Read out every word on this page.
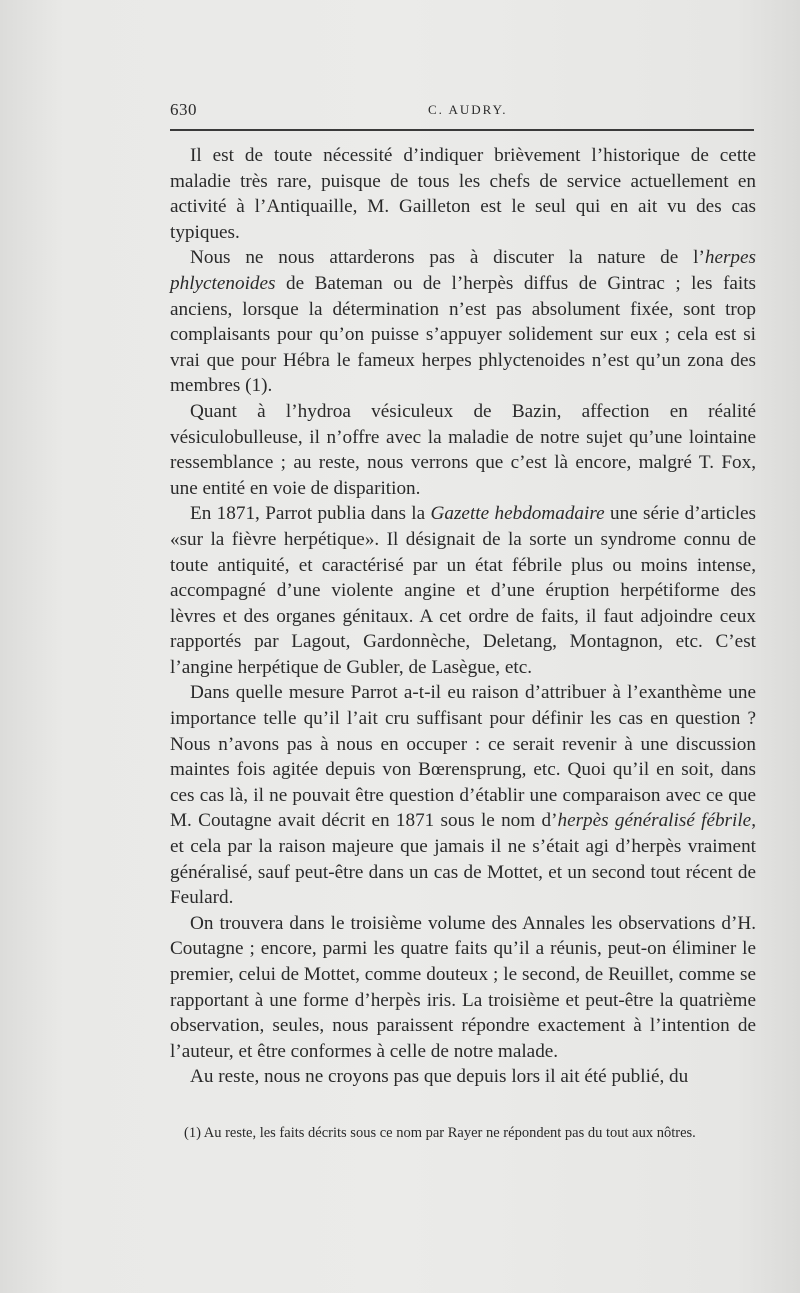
630	C. AUDRY.

Il est de toute nécessité d’indiquer brièvement l’historique de cette maladie très rare, puisque de tous les chefs de service actuellement en activité à l’Antiquaille, M. Gailleton est le seul qui en ait vu des cas typiques.

Nous ne nous attarderons pas à discuter la nature de l’herpes phlyctenoides de Bateman ou de l’herpès diffus de Gintrac ; les faits anciens, lorsque la détermination n’est pas absolument fixée, sont trop complaisants pour qu’on puisse s’appuyer solidement sur eux ; cela est si vrai que pour Hébra le fameux herpes phlyctenoides n’est qu’un zona des membres (1).

Quant à l’hydroa vésiculeux de Bazin, affection en réalité vésiculobulleuse, il n’offre avec la maladie de notre sujet qu’une lointaine ressemblance ; au reste, nous verrons que c’est là encore, malgré T. Fox, une entité en voie de disparition.

En 1871, Parrot publia dans la Gazette hebdomadaire une série d’articles «sur la fièvre herpétique». Il désignait de la sorte un syndrome connu de toute antiquité, et caractérisé par un état fébrile plus ou moins intense, accompagné d’une violente angine et d’une éruption herpétiforme des lèvres et des organes génitaux. A cet ordre de faits, il faut adjoindre ceux rapportés par Lagout, Gardonnèche, Deletang, Montagnon, etc. C’est l’angine herpétique de Gubler, de Lasègue, etc.

Dans quelle mesure Parrot a-t-il eu raison d’attribuer à l’exanthème une importance telle qu’il l’ait cru suffisant pour définir les cas en question ? Nous n’avons pas à nous en occuper : ce serait revenir à une discussion maintes fois agitée depuis von Bœrensprung, etc. Quoi qu’il en soit, dans ces cas là, il ne pouvait être question d’établir une comparaison avec ce que M. Coutagne avait décrit en 1871 sous le nom d’herpès généralisé fébrile, et cela par la raison majeure que jamais il ne s’était agi d’herpès vraiment généralisé, sauf peut-être dans un cas de Mottet, et un second tout récent de Feulard.

On trouvera dans le troisième volume des Annales les observations d’H. Coutagne ; encore, parmi les quatre faits qu’il a réunis, peut-on éliminer le premier, celui de Mottet, comme douteux ; le second, de Reuillet, comme se rapportant à une forme d’herpès iris. La troisième et peut-être la quatrième observation, seules, nous paraissent répondre exactement à l’intention de l’auteur, et être conformes à celle de notre malade.

Au reste, nous ne croyons pas que depuis lors il ait été publié, du

(1) Au reste, les faits décrits sous ce nom par Rayer ne répondent pas du tout aux nôtres.
